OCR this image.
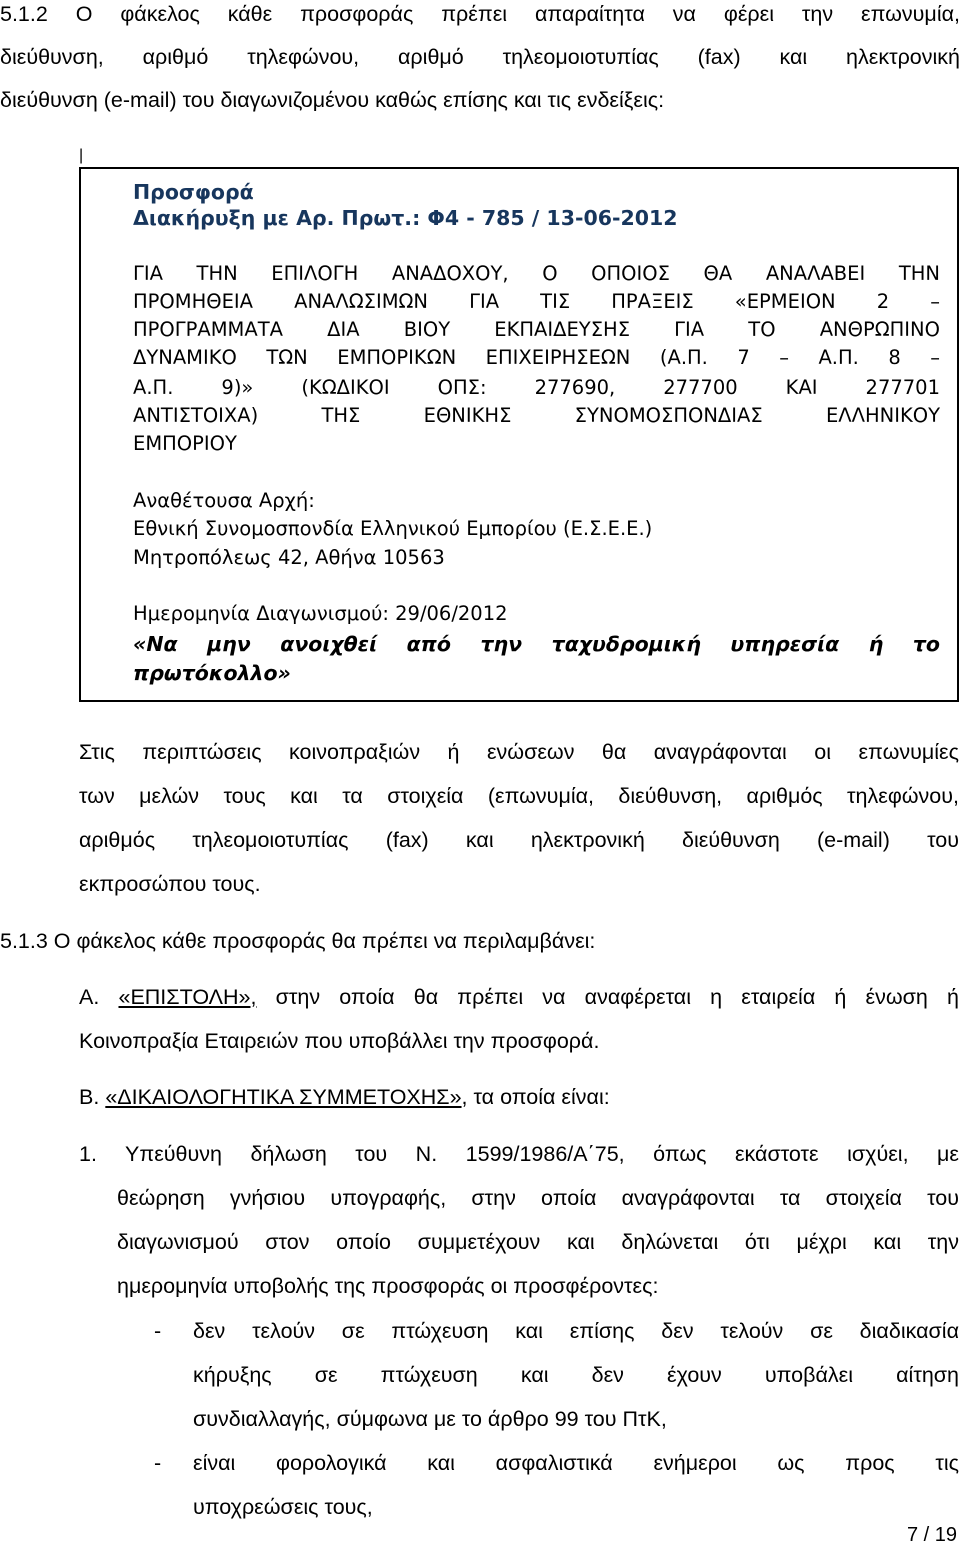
5.1.2 Ο φάκελος κάθε προσφοράς πρέπει απαραίτητα να φέρει την επωνυμία,

διεύθυνση, αριθμό τηλεφώνου, αριθμό τηλεομοιοτυπίας (fax) και ηλεκτρονική

διεύθυνση (e-mail) του διαγωνιζομένου καθώς επίσης και τις ενδείξεις:

|

Προσφορά

Διακήρυξη με Αρ. Πρωτ.: Φ4 - 785 / 13-06-2012

ΓΙΑ ΤΗΝ ΕΠΙΛΟΓΗ ΑΝΑΔΟΧΟΥ, Ο ΟΠΟΙΟΣ ΘΑ ΑΝΑΛΑΒΕΙ ΤΗΝ

ΠΡΟΜΗΘΕΙΑ ΑΝΑΛΩΣΙΜΩΝ ΓΙΑ ΤΙΣ ΠΡΑΞΕΙΣ «ΕΡΜΕΙΟΝ 2 –

ΠΡΟΓΡΑΜΜΑΤΑ ΔΙΑ ΒΙΟΥ ΕΚΠΑΙΔΕΥΣΗΣ ΓΙΑ ΤΟ ΑΝΘΡΩΠΙΝΟ

ΔΥΝΑΜΙΚΟ ΤΩΝ ΕΜΠΟΡΙΚΩΝ ΕΠΙΧΕΙΡΗΣΕΩΝ (Α.Π. 7 – Α.Π. 8 –

Α.Π. 9)» (ΚΩΔΙΚΟΙ ΟΠΣ: 277690, 277700 ΚΑΙ 277701

ΑΝΤΙΣΤΟΙΧΑ) ΤΗΣ ΕΘΝΙΚΗΣ ΣΥΝΟΜΟΣΠΟΝΔΙΑΣ ΕΛΛΗΝΙΚΟΥ

ΕΜΠΟΡΙΟΥ

Αναθέτουσα Αρχή:

Εθνική Συνομοσπονδία Ελληνικού Εμπορίου (Ε.Σ.Ε.Ε.)

Μητροπόλεως 42, Αθήνα 10563

Ημερομηνία Διαγωνισμού: 29/06/2012

«Να μην ανοιχθεί από την ταχυδρομική υπηρεσία ή το

πρωτόκολλο»

Στις περιπτώσεις κοινοπραξιών ή ενώσεων θα αναγράφονται οι επωνυμίες

των μελών τους και τα στοιχεία (επωνυμία, διεύθυνση, αριθμός τηλεφώνου,

αριθμός τηλεομοιοτυπίας (fax) και ηλεκτρονική διεύθυνση (e-mail) του

εκπροσώπου τους.

5.1.3 Ο φάκελος κάθε προσφοράς θα πρέπει να περιλαμβάνει:

Α. «ΕΠΙΣΤΟΛΗ», στην οποία θα πρέπει να αναφέρεται η εταιρεία ή ένωση ή

Κοινοπραξία Εταιρειών που υποβάλλει την προσφορά.

Β. «ΔΙΚΑΙΟΛΟΓΗΤΙΚΑ ΣΥΜΜΕΤΟΧΗΣ», τα οποία είναι:

1. Υπεύθυνη δήλωση του Ν. 1599/1986/Α΄75, όπως εκάστοτε ισχύει, με

θεώρηση γνήσιου υπογραφής, στην οποία αναγράφονται τα στοιχεία του

διαγωνισμού στον οποίο συμμετέχουν και δηλώνεται ότι μέχρι και την

ημερομηνία υποβολής της προσφοράς οι προσφέροντες:

- δεν τελούν σε πτώχευση και επίσης δεν τελούν σε διαδικασία

κήρυξης σε πτώχευση και δεν έχουν υποβάλει αίτηση

συνδιαλλαγής, σύμφωνα με το άρθρο 99 του ΠτΚ,

- είναι φορολογικά και ασφαλιστικά ενήμεροι ως προς τις

υποχρεώσεις τους,

7 / 19
